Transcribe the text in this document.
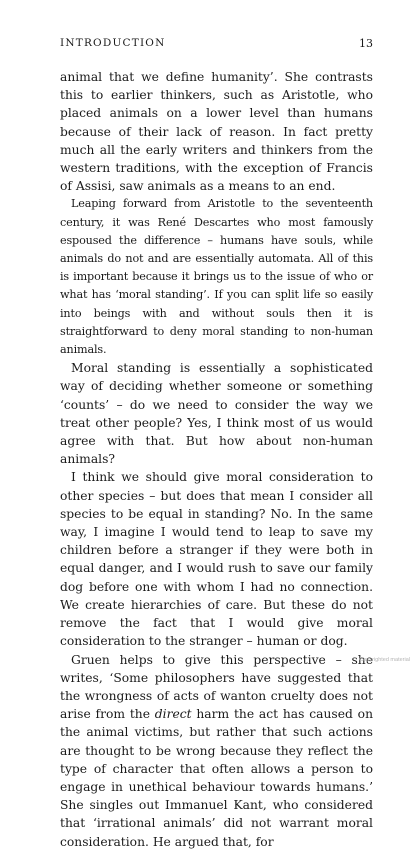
INTRODUCTION	13

animal that we define humanity’. She contrasts this to earlier thinkers, such as Aristotle, who placed animals on a lower level than humans because of their lack of reason. In fact pretty much all the early writers and thinkers from the western traditions, with the exception of Francis of Assisi, saw animals as a means to an end.

Leaping forward from Aristotle to the seventeenth century, it was René Descartes who most famously espoused the difference – humans have souls, while animals do not and are essentially automata. All of this is important because it brings us to the issue of who or what has ‘moral standing’. If you can split life so easily into beings with and without souls then it is straightforward to deny moral standing to non-human animals.

Moral standing is essentially a sophisticated way of deciding whether someone or something ‘counts’ – do we need to consider the way we treat other people? Yes, I think most of us would agree with that. But how about non-human animals?

I think we should give moral consideration to other species – but does that mean I consider all species to be equal in standing? No. In the same way, I imagine I would tend to leap to save my children before a stranger if they were both in equal danger, and I would rush to save our family dog before one with whom I had no connection. We create hierarchies of care. But these do not remove the fact that I would give moral consideration to the stranger – human or dog.

Gruen helps to give this perspective – she writes, ‘Some philosophers have suggested that the wrongness of acts of wanton cruelty does not arise from the direct harm the act has caused on the animal victims, but rather that such actions are thought to be wrong because they reflect the type of character that often allows a person to engage in unethical behaviour towards humans.’ She singles out Immanuel Kant, who considered that ‘irrational animals’ did not warrant moral consideration. He argued that, for

Copyrighted material
